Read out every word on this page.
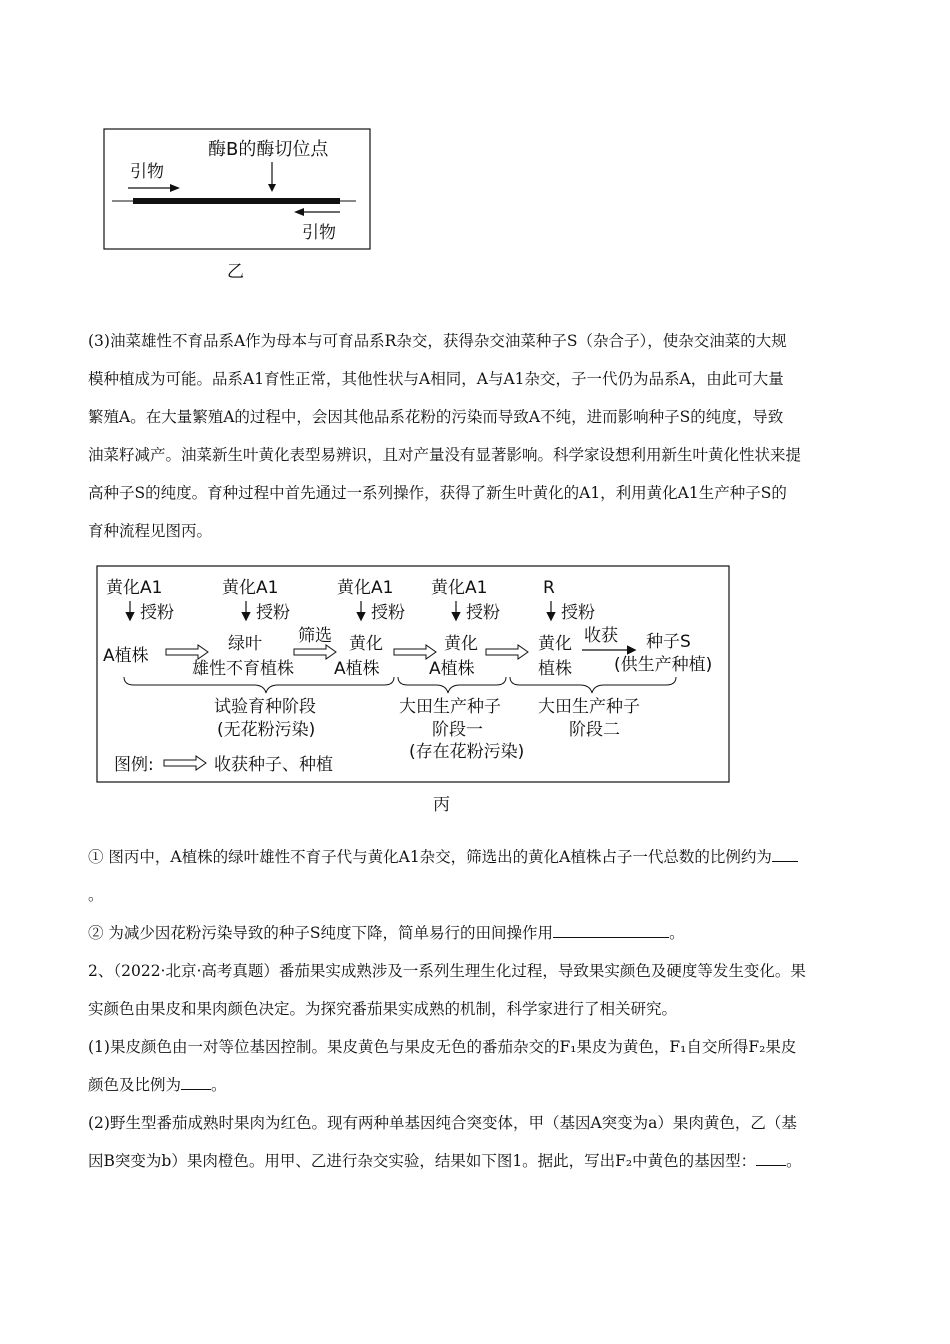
酶B的酶切位点
引物
引物
乙
(3)油菜雄性不育品系A作为母本与可育品系R杂交，获得杂交油菜种子S（杂合子），使杂交油菜的大规
模种植成为可能。品系A1育性正常，其他性状与A相同，A与A1杂交，子一代仍为品系A，由此可大量
繁殖A。在大量繁殖A的过程中，会因其他品系花粉的污染而导致A不纯，进而影响种子S的纯度，导致
油菜籽减产。油菜新生叶黄化表型易辨识，且对产量没有显著影响。科学家设想利用新生叶黄化性状来提
高种子S的纯度。育种过程中首先通过一系列操作，获得了新生叶黄化的A1，利用黄化A1生产种子S的
育种流程见图丙。
黄化A1	黄化A1	黄化A1 黄化A1	R
授粉	授粉	授粉	授粉	授粉
A植株
绿叶
雄性不育植株
筛选 黄化
A植株
黄化
A植株
黄化
植株
收获 种子S
(供生产种植)
试验育种阶段
(无花粉污染)
大田生产种子
阶段一
(存在花粉污染)
大田生产种子
阶段二
图例:	收获种子、种植
丙
① 图丙中，A植株的绿叶雄性不育子代与黄化A1杂交，筛选出的黄化A植株占子一代总数的比例约为
。
② 为减少因花粉污染导致的种子S纯度下降，简单易行的田间操作用	。
2、（2022·北京·高考真题）番茄果实成熟涉及一系列生理生化过程，导致果实颜色及硬度等发生变化。果
实颜色由果皮和果肉颜色决定。为探究番茄果实成熟的机制，科学家进行了相关研究。
(1)果皮颜色由一对等位基因控制。果皮黄色与果皮无色的番茄杂交的F₁果皮为黄色，F₁自交所得F₂果皮
颜色及比例为 。
(2)野生型番茄成熟时果肉为红色。现有两种单基因纯合突变体，甲（基因A突变为a）果肉黄色，乙（基
因B突变为b）果肉橙色。用甲、乙进行杂交实验，结果如下图1。据此，写出F₂中黄色的基因型： 。
